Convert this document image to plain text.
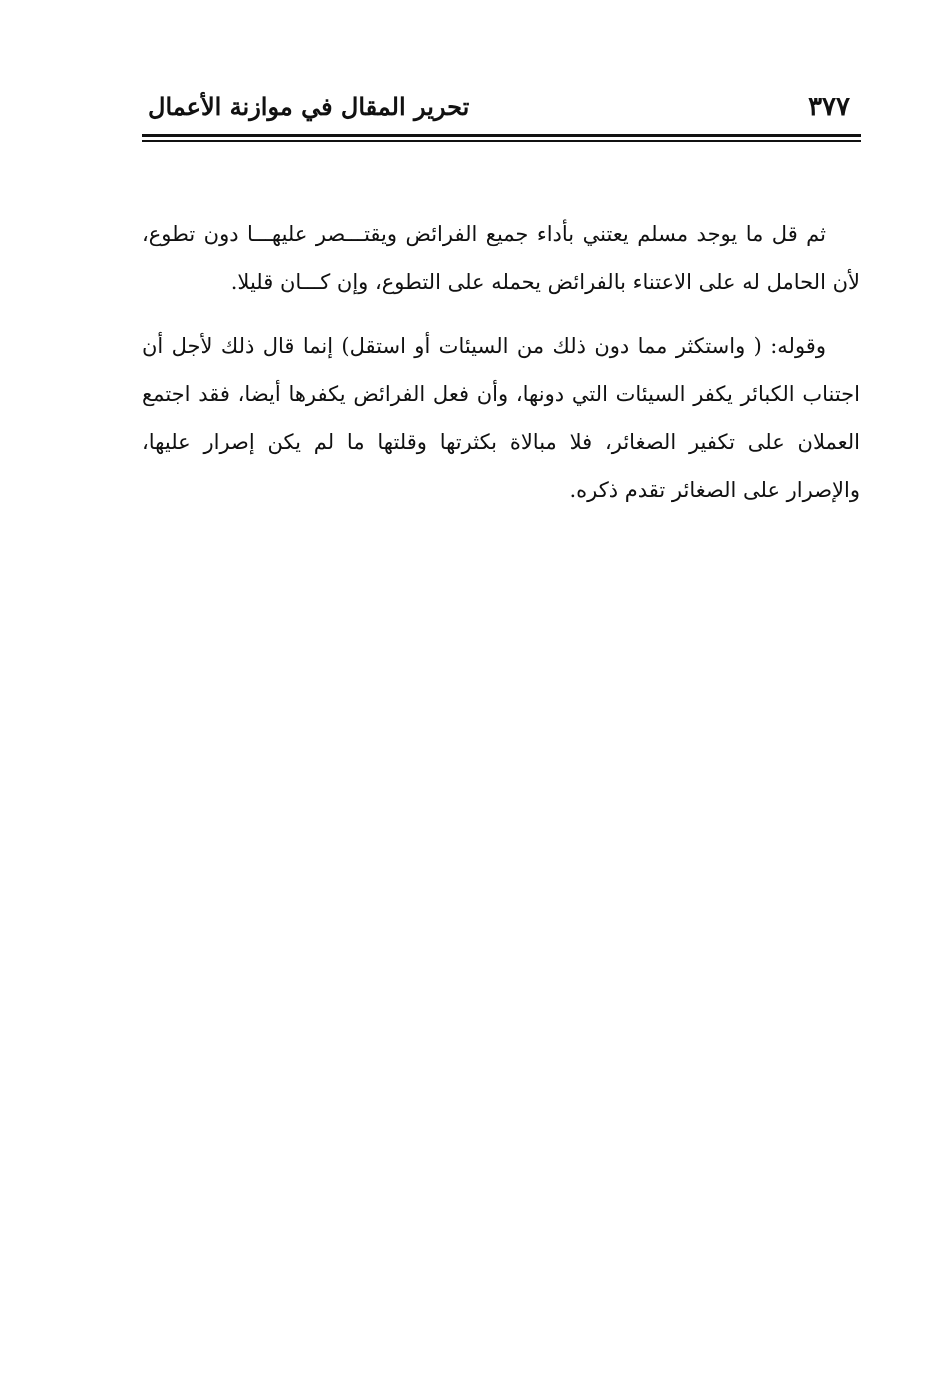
٣٧٧
تحرير المقال في موازنة الأعمال

ثم قل ما يوجد مسلم يعتني بأداء جميع الفرائض ويقتـــصر عليهـــا دون تطوع، لأن الحامل له على الاعتناء بالفرائض يحمله على التطوع، وإن كـــان قليلا.

وقوله: ( واستكثر مما دون ذلك من السيئات أو استقل) إنما قال ذلك لأجل أن اجتناب الكبائر يكفر السيئات التي دونها، وأن فعل الفرائض يكفرها أيضا، فقد اجتمع العملان على تكفير الصغائر، فلا مبالاة بكثرتها وقلتها ما لم يكن إصرار عليها، والإصرار على الصغائر تقدم ذكره.
